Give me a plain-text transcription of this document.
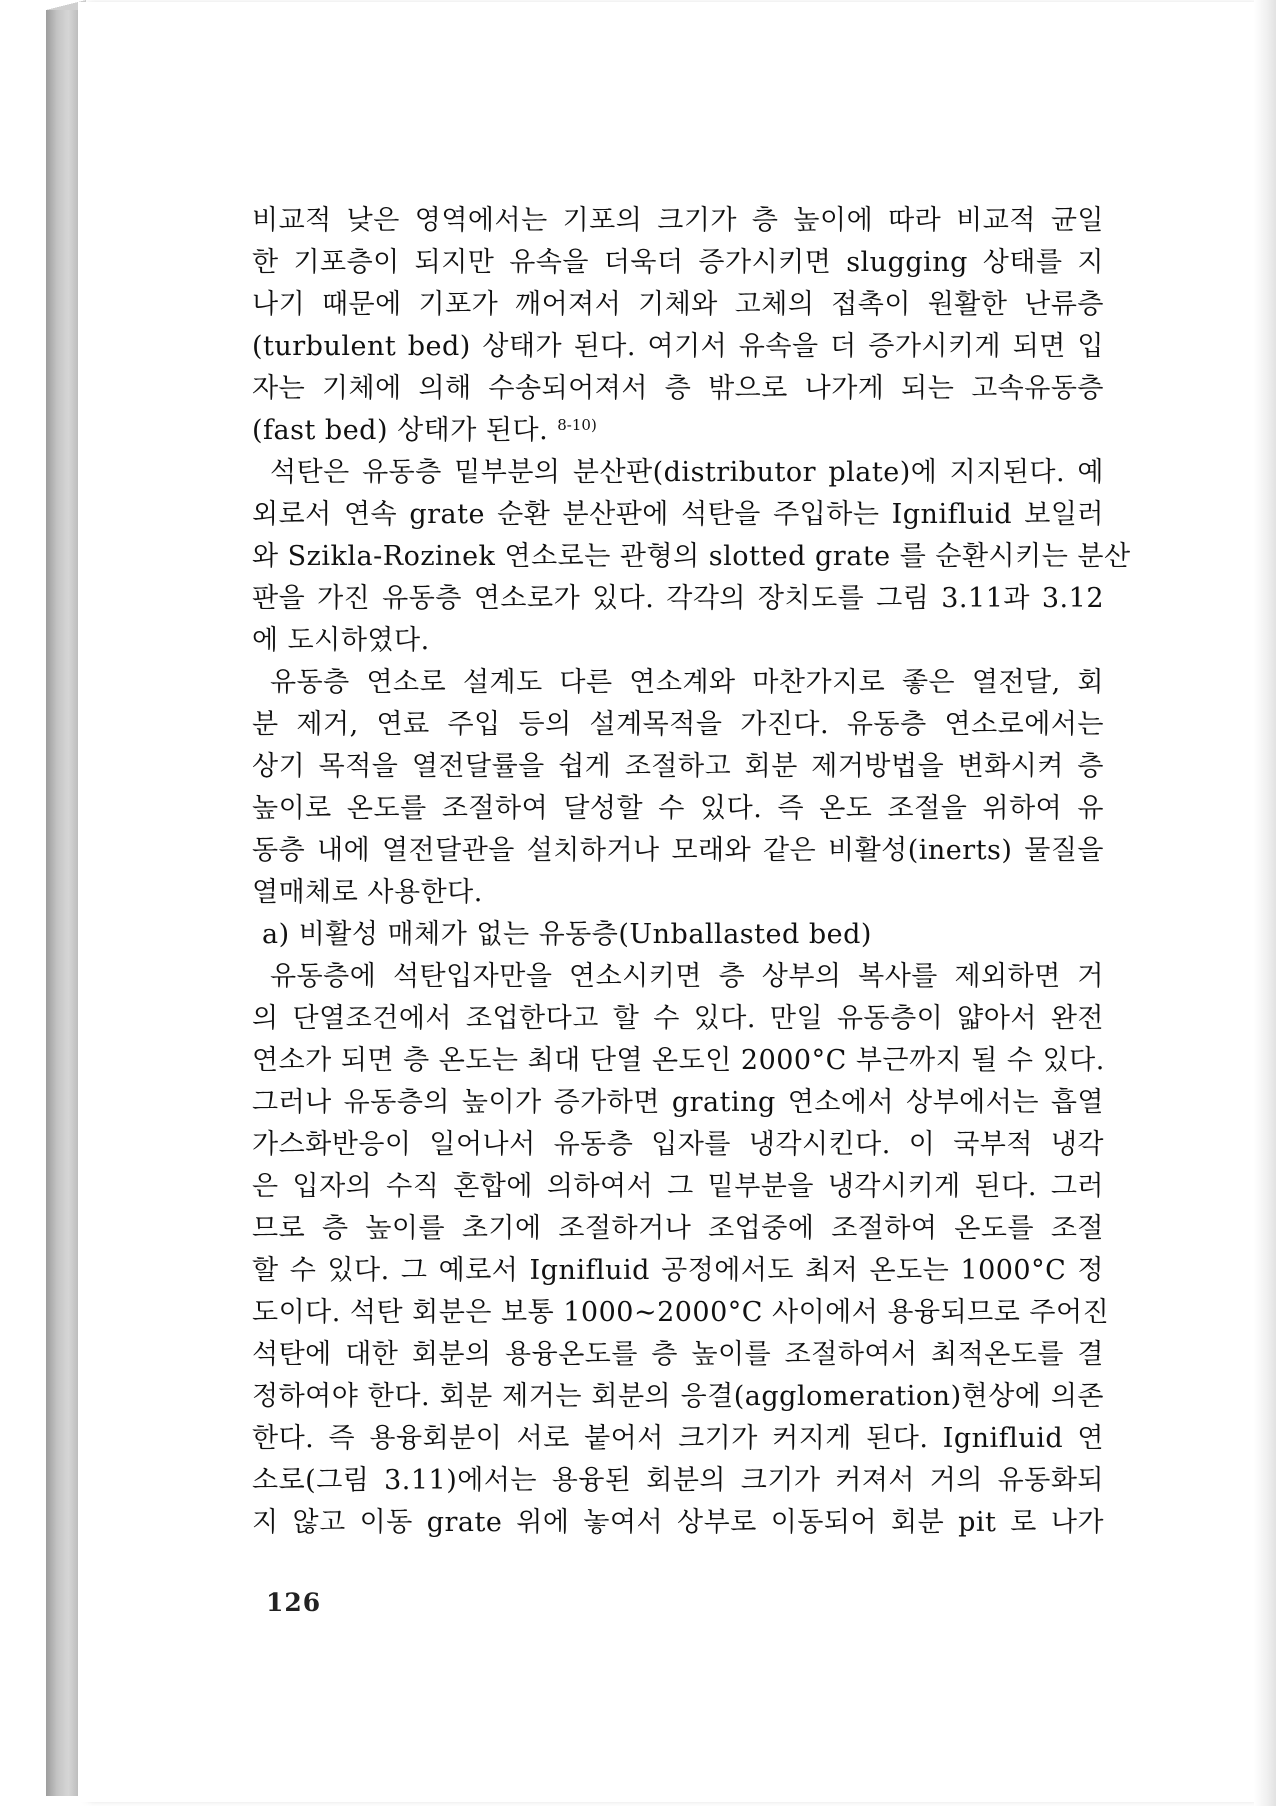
비교적 낮은 영역에서는 기포의 크기가 층 높이에 따라 비교적 균일
한 기포층이 되지만 유속을 더욱더 증가시키면 slugging 상태를 지
나기 때문에 기포가 깨어져서 기체와 고체의 접촉이 원활한 난류층
(turbulent bed) 상태가 된다. 여기서 유속을 더 증가시키게 되면 입
자는 기체에 의해 수송되어져서 층 밖으로 나가게 되는 고속유동층
(fast bed) 상태가 된다. $^{8-10)}$
석탄은 유동층 밑부분의 분산판(distributor plate)에 지지된다. 예
외로서 연속 grate 순환 분산판에 석탄을 주입하는 Ignifluid 보일러
와 Szikla-Rozinek 연소로는 관형의 slotted grate 를 순환시키는 분산
판을 가진 유동층 연소로가 있다. 각각의 장치도를 그림 3.11과 3.12
에 도시하였다.
유동층 연소로 설계도 다른 연소계와 마찬가지로 좋은 열전달, 회
분 제거, 연료 주입 등의 설계목적을 가진다. 유동층 연소로에서는
상기 목적을 열전달률을 쉽게 조절하고 회분 제거방법을 변화시켜 층
높이로 온도를 조절하여 달성할 수 있다. 즉 온도 조절을 위하여 유
동층 내에 열전달관을 설치하거나 모래와 같은 비활성(inerts) 물질을
열매체로 사용한다.
a) 비활성 매체가 없는 유동층(Unballasted bed)
유동층에 석탄입자만을 연소시키면 층 상부의 복사를 제외하면 거
의 단열조건에서 조업한다고 할 수 있다. 만일 유동층이 얇아서 완전
연소가 되면 층 온도는 최대 단열 온도인 2000°C 부근까지 될 수 있다.
그러나 유동층의 높이가 증가하면 grating 연소에서 상부에서는 흡열
가스화반응이 일어나서 유동층 입자를 냉각시킨다. 이 국부적 냉각
은 입자의 수직 혼합에 의하여서 그 밑부분을 냉각시키게 된다. 그러
므로 층 높이를 초기에 조절하거나 조업중에 조절하여 온도를 조절
할 수 있다. 그 예로서 Ignifluid 공정에서도 최저 온도는 1000°C 정
도이다. 석탄 회분은 보통 1000∼2000°C 사이에서 용융되므로 주어진
석탄에 대한 회분의 용융온도를 층 높이를 조절하여서 최적온도를 결
정하여야 한다. 회분 제거는 회분의 응결(agglomeration)현상에 의존
한다. 즉 용융회분이 서로 붙어서 크기가 커지게 된다. Ignifluid 연
소로(그림 3.11)에서는 용융된 회분의 크기가 커져서 거의 유동화되
지 않고 이동 grate 위에 놓여서 상부로 이동되어 회분 pit 로 나가
126
